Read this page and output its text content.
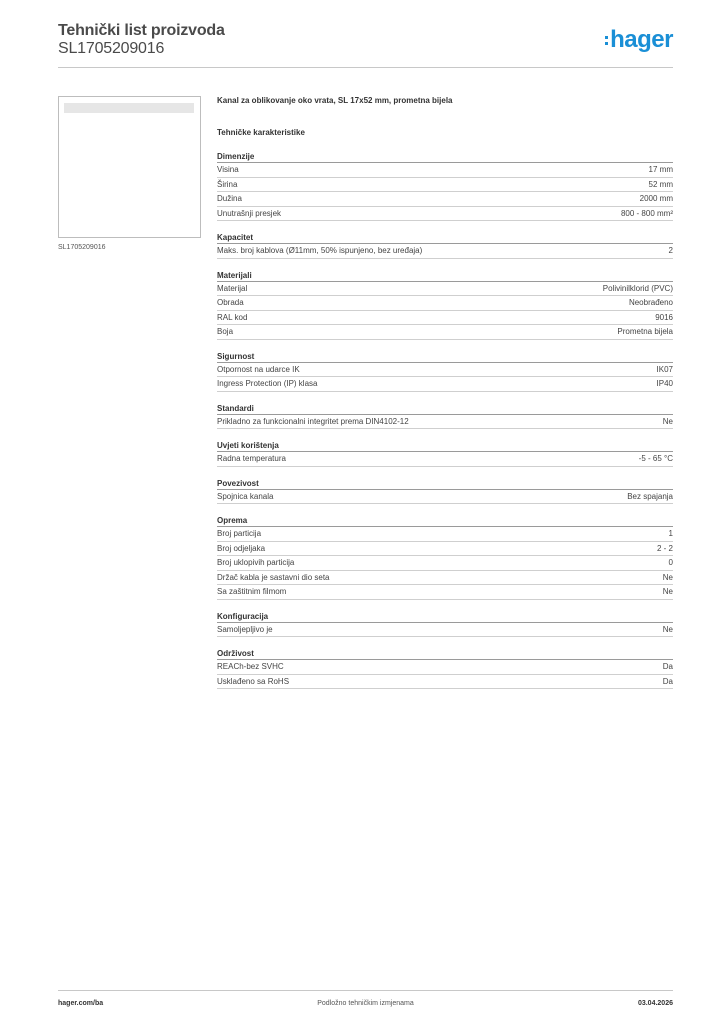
Tehnički list proizvoda
SL1705209016	hager
SL1705209016
Kanal za oblikovanje oko vrata, SL 17x52 mm, prometna bijela
Tehničke karakteristike
Dimenzije
Visina	17 mm
Širina	52 mm
Dužina	2000 mm
Unutrašnji presjek	800 - 800 mm²
Kapacitet
Maks. broj kablova (Ø11mm, 50% ispunjeno, bez uređaja)	2
Materijali
Materijal	Polivinilklorid (PVC)
Obrada	Neobrađeno
RAL kod	9016
Boja	Prometna bijela
Sigurnost
Otpornost na udarce IK	IK07
Ingress Protection (IP) klasa	IP40
Standardi
Prikladno za funkcionalni integritet prema DIN4102-12	Ne
Uvjeti korištenja
Radna temperatura	-5 - 65 °C
Povezivost
Spojnica kanala	Bez spajanja
Oprema
Broj particija	1
Broj odjeljaka	2 - 2
Broj uklopivih particija	0
Držač kabla je sastavni dio seta	Ne
Sa zaštitnim filmom	Ne
Konfiguracija
Samoljepljivo je	Ne
Održivost
REACh-bez SVHC	Da
Usklađeno sa RoHS	Da
hager.com/ba	Podložno tehničkim izmjenama	03.04.2026
